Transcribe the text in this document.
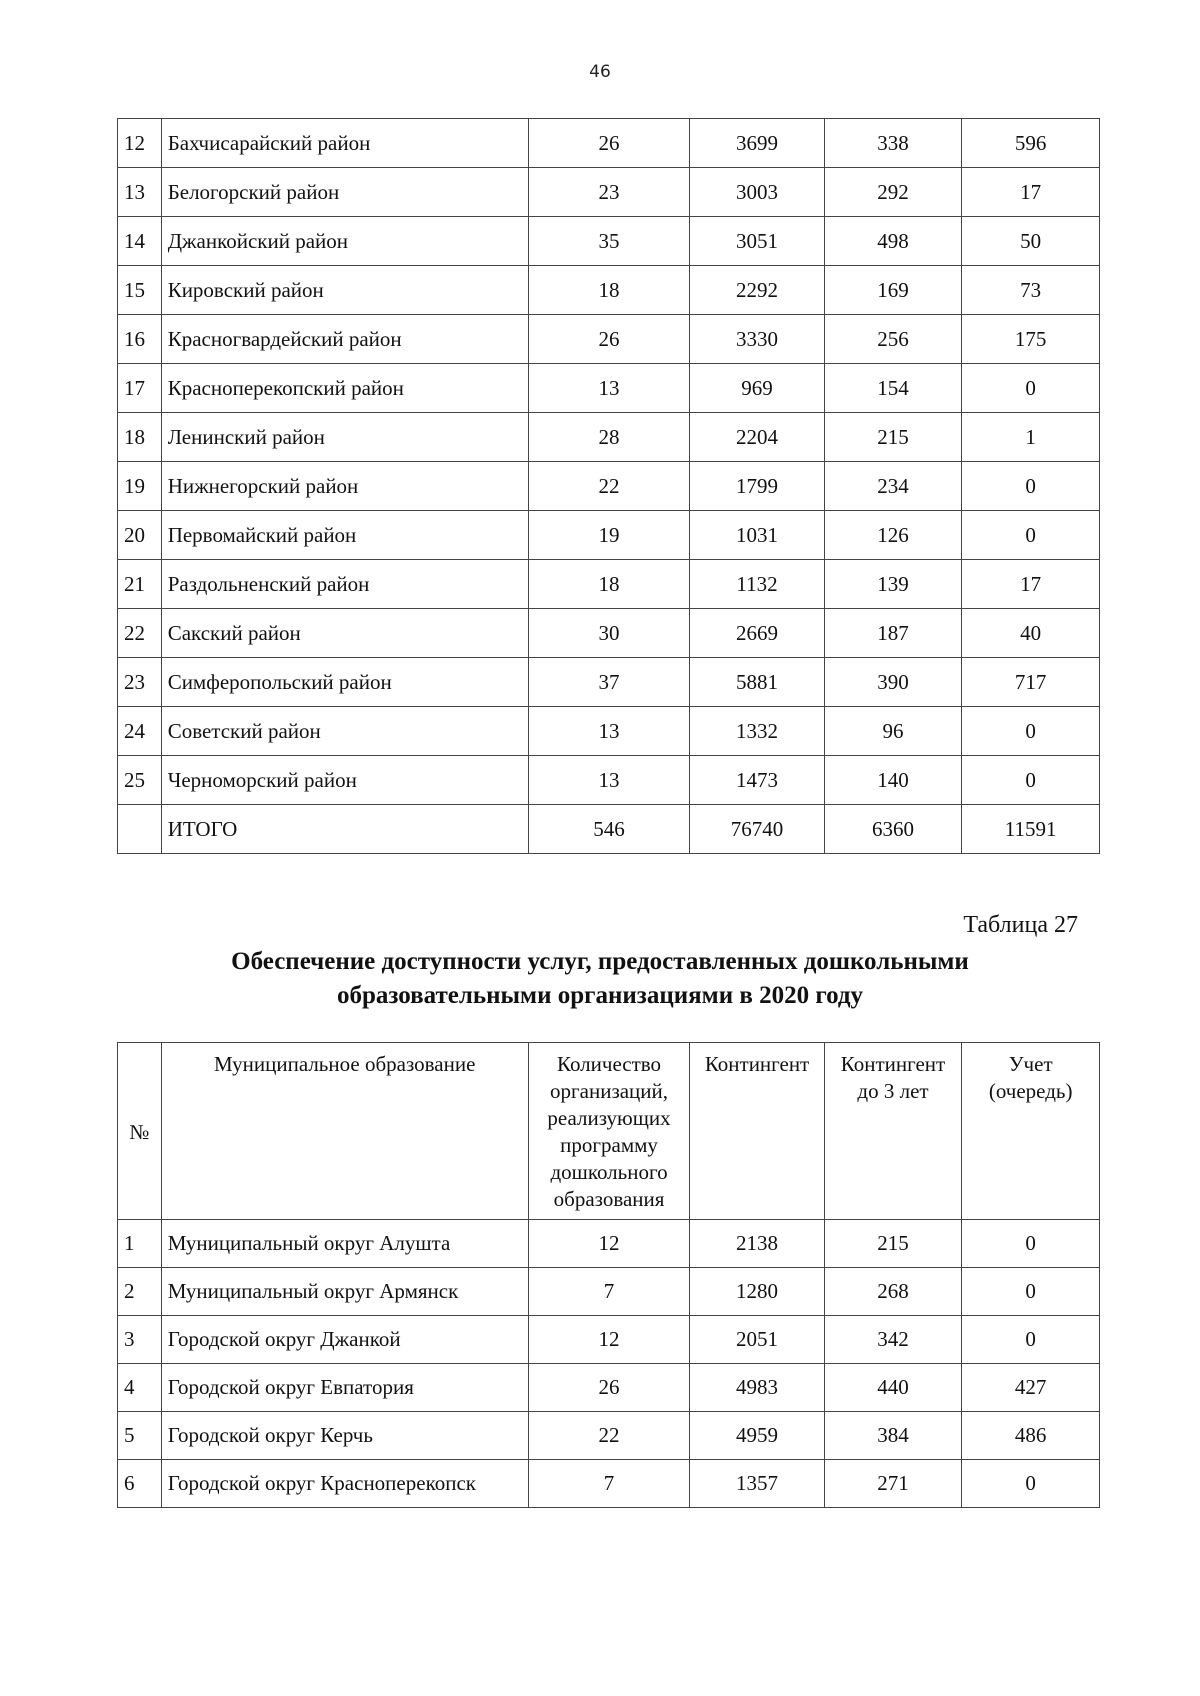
46
12	Бахчисарайский район	26	3699	338	596
13	Белогорский район	23	3003	292	17
14	Джанкойский район	35	3051	498	50
15	Кировский район	18	2292	169	73
16	Красногвардейский район	26	3330	256	175
17	Красноперекопский район	13	969	154	0
18	Ленинский район	28	2204	215	1
19	Нижнегорский район	22	1799	234	0
20	Первомайский район	19	1031	126	0
21	Раздольненский район	18	1132	139	17
22	Сакский район	30	2669	187	40
23	Симферопольский район	37	5881	390	717
24	Советский район	13	1332	96	0
25	Черноморский район	13	1473	140	0
	ИТОГО	546	76740	6360	11591
Таблица 27
Обеспечение доступности услуг, предоставленных дошкольными
образовательными организациями в 2020 году
№	Муниципальное образование	Количество организаций, реализующих программу дошкольного образования	Контингент	Контингент до 3 лет	Учет (очередь)
1	Муниципальный округ Алушта	12	2138	215	0
2	Муниципальный округ Армянск	7	1280	268	0
3	Городской округ Джанкой	12	2051	342	0
4	Городской округ Евпатория	26	4983	440	427
5	Городской округ Керчь	22	4959	384	486
6	Городской округ Красноперекопск	7	1357	271	0
